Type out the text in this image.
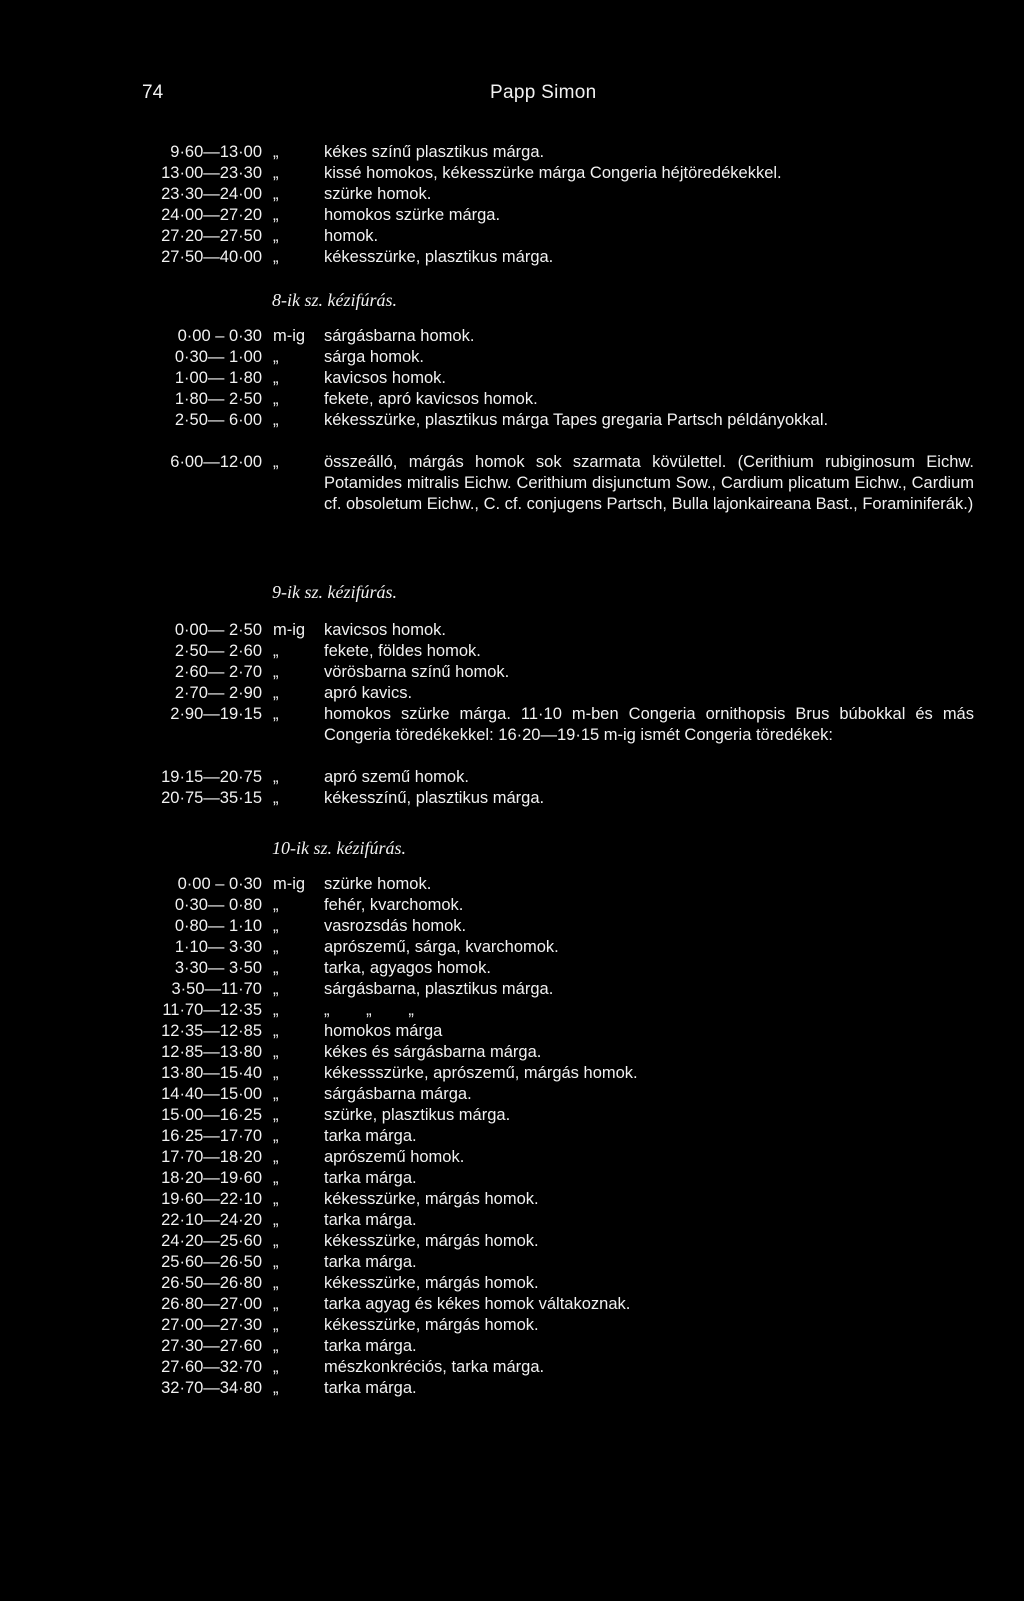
74	Papp Simon
9·60—13·00 „	kékes színű plasztikus márga.
13·00—23·30 „	kissé homokos, kékesszürke márga Congeria héjtöredékekkel.
23·30—24·00 „	szürke homok.
24·00—27·20 „	homokos szürke márga.
27·20—27·50 „	homok.
27·50—40·00 „	kékesszürke, plasztikus márga.
8-ik sz. kézifúrás.
0·00 – 0·30 m-ig	sárgásbarna homok.
0·30— 1·00 „	sárga homok.
1·00— 1·80 „	kavicsos homok.
1·80— 2·50 „	fekete, apró kavicsos homok.
2·50— 6·00 „	kékesszürke, plasztikus márga Tapes gregaria Partsch példányokkal.
6·00—12·00 „	összeálló, márgás homok sok szarmata kövülettel. (Cerithium rubiginosum Eichw. Potamides mitralis Eichw. Cerithium disjunctum Sow., Cardium plicatum Eichw., Cardium cf. obsoletum Eichw., C. cf. conjugens Partsch, Bulla lajonkaireana Bast., Foraminiferák.)
9-ik sz. kézifúrás.
0·00— 2·50 m-ig	kavicsos homok.
2·50— 2·60 „	fekete, földes homok.
2·60— 2·70 „	vörösbarna színű homok.
2·70— 2·90 „	apró kavics.
2·90—19·15 „	homokos szürke márga. 11·10 m-ben Congeria ornithopsis Brus búbokkal és más Congeria töredékekkel: 16·20—19·15 m-ig ismét Congeria töredékek:
19·15—20·75 „	apró szemű homok.
20·75—35·15 „	kékesszínű, plasztikus márga.
10-ik sz. kézifúrás.
0·00 – 0·30 m-ig	szürke homok.
0·30— 0·80 „	fehér, kvarchomok.
0·80— 1·10 „	vasrozsdás homok.
1·10— 3·30 „	aprószemű, sárga, kvarchomok.
3·30— 3·50 „	tarka, agyagos homok.
3·50—11·70 „	sárgásbarna, plasztikus márga.
11·70—12·35 „	„        „        „
12·35—12·85 „	homokos márga
12·85—13·80 „	kékes és sárgásbarna márga.
13·80—15·40 „	kékessszürke, aprószemű, márgás homok.
14·40—15·00 „	sárgásbarna márga.
15·00—16·25 „	szürke, plasztikus márga.
16·25—17·70 „	tarka márga.
17·70—18·20 „	aprószemű homok.
18·20—19·60 „	tarka márga.
19·60—22·10 „	kékesszürke, márgás homok.
22·10—24·20 „	tarka márga.
24·20—25·60 „	kékesszürke, márgás homok.
25·60—26·50 „	tarka márga.
26·50—26·80 „	kékesszürke, márgás homok.
26·80—27·00 „	tarka agyag és kékes homok váltakoznak.
27·00—27·30 „	kékesszürke, márgás homok.
27·30—27·60 „	tarka márga.
27·60—32·70 „	mészkonkréciós, tarka márga.
32·70—34·80 „	tarka márga.
